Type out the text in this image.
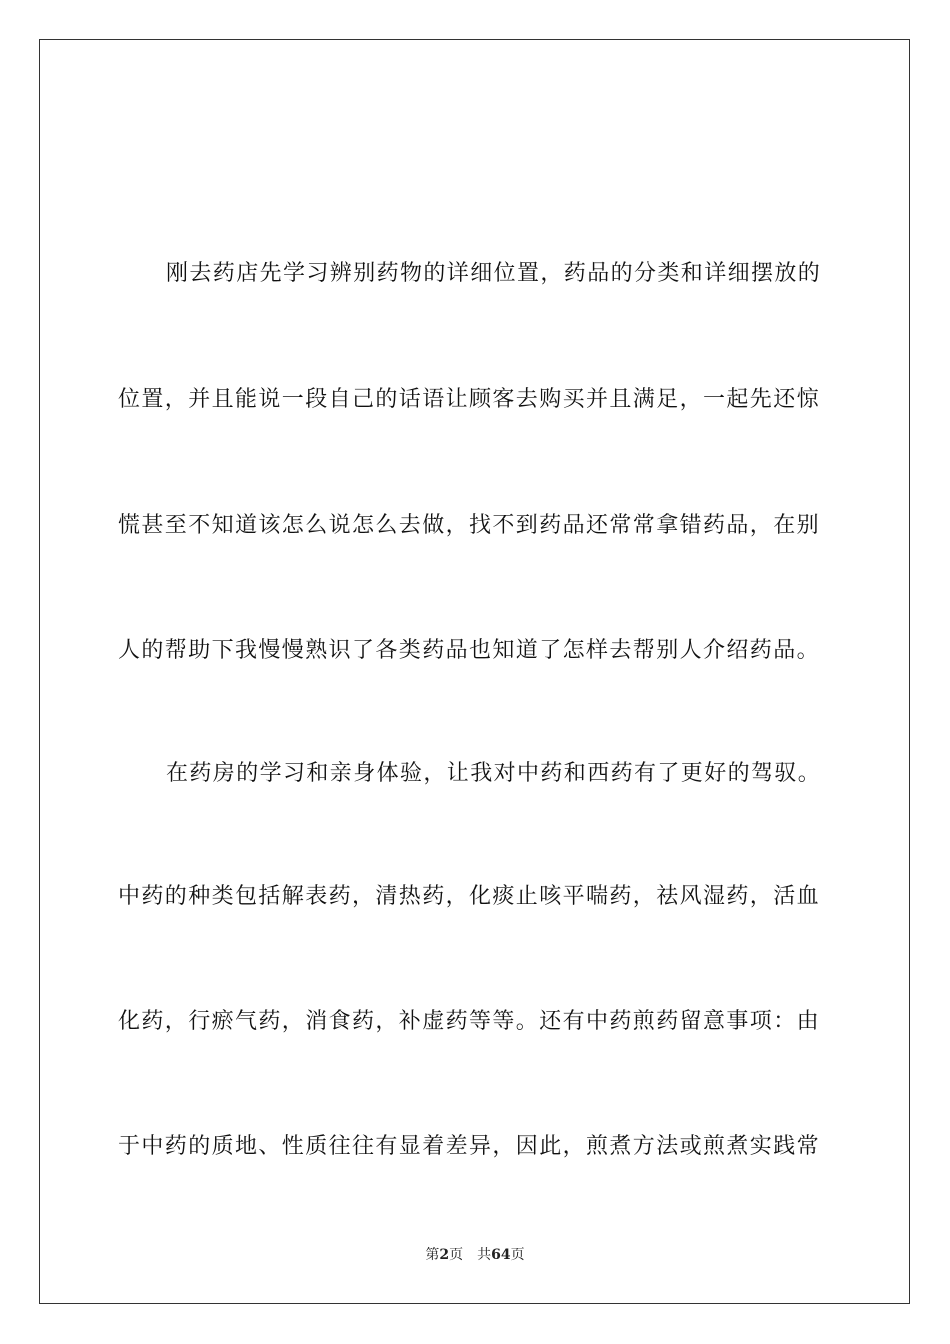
刚去药店先学习辨别药物的详细位置，药品的分类和详细摆放的
位置，并且能说一段自己的话语让顾客去购买并且满足，一起先还惊
慌甚至不知道该怎么说怎么去做，找不到药品还常常拿错药品，在别
人的帮助下我慢慢熟识了各类药品也知道了怎样去帮别人介绍药品。
在药房的学习和亲身体验，让我对中药和西药有了更好的驾驭。
中药的种类包括解表药，清热药，化痰止咳平喘药，祛风湿药，活血
化药，行瘀气药，消食药，补虚药等等。还有中药煎药留意事项：由
于中药的质地、性质往往有显着差异，因此，煎煮方法或煎煮实践常
第2页 共64页
